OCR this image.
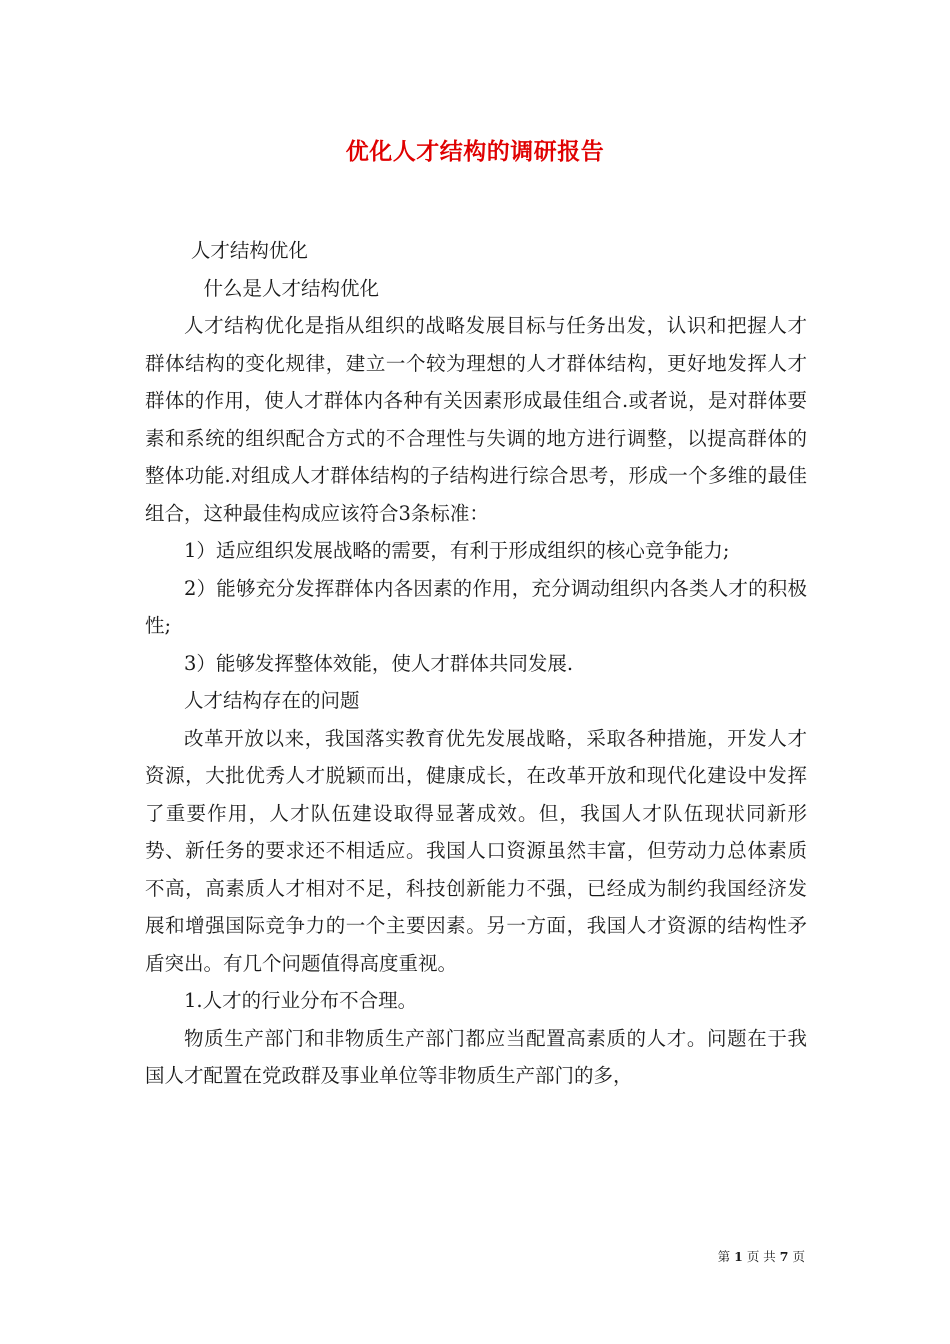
优化人才结构的调研报告

人才结构优化

什么是人才结构优化

人才结构优化是指从组织的战略发展目标与任务出发，认识和把握人才群体结构的变化规律，建立一个较为理想的人才群体结构，更好地发挥人才群体的作用，使人才群体内各种有关因素形成最佳组合.或者说，是对群体要素和系统的组织配合方式的不合理性与失调的地方进行调整，以提高群体的整体功能.对组成人才群体结构的子结构进行综合思考，形成一个多维的最佳组合，这种最佳构成应该符合3条标准：

1）适应组织发展战略的需要，有利于形成组织的核心竞争能力;

2）能够充分发挥群体内各因素的作用，充分调动组织内各类人才的积极性;

3）能够发挥整体效能，使人才群体共同发展.

人才结构存在的问题

改革开放以来，我国落实教育优先发展战略，采取各种措施，开发人才资源，大批优秀人才脱颖而出，健康成长，在改革开放和现代化建设中发挥了重要作用，人才队伍建设取得显著成效。但，我国人才队伍现状同新形势、新任务的要求还不相适应。我国人口资源虽然丰富，但劳动力总体素质不高，高素质人才相对不足，科技创新能力不强，已经成为制约我国经济发展和增强国际竞争力的一个主要因素。另一方面，我国人才资源的结构性矛盾突出。有几个问题值得高度重视。

1.人才的行业分布不合理。

物质生产部门和非物质生产部门都应当配置高素质的人才。问题在于我国人才配置在党政群及事业单位等非物质生产部门的多，

第 1 页 共 7 页
